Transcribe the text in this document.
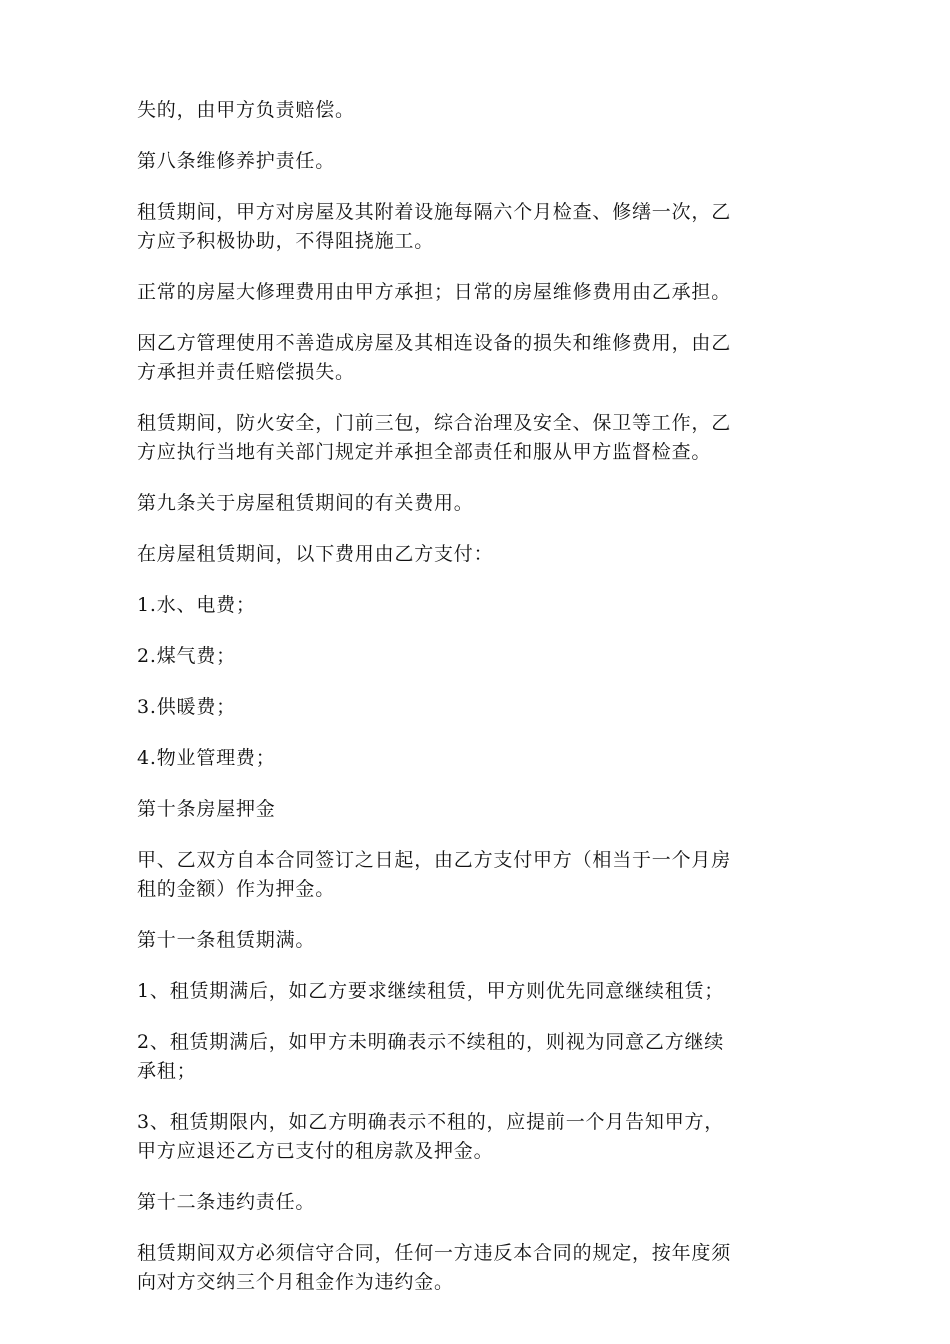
失的，由甲方负责赔偿。

第八条维修养护责任。

租赁期间，甲方对房屋及其附着设施每隔六个月检查、修缮一次，乙
方应予积极协助，不得阻挠施工。

正常的房屋大修理费用由甲方承担；日常的房屋维修费用由乙承担。

因乙方管理使用不善造成房屋及其相连设备的损失和维修费用，由乙
方承担并责任赔偿损失。

租赁期间，防火安全，门前三包，综合治理及安全、保卫等工作，乙
方应执行当地有关部门规定并承担全部责任和服从甲方监督检查。

第九条关于房屋租赁期间的有关费用。

在房屋租赁期间，以下费用由乙方支付：

1.水、电费；

2.煤气费；

3.供暖费；

4.物业管理费；

第十条房屋押金

甲、乙双方自本合同签订之日起，由乙方支付甲方（相当于一个月房
租的金额）作为押金。

第十一条租赁期满。

1、租赁期满后，如乙方要求继续租赁，甲方则优先同意继续租赁；

2、租赁期满后，如甲方未明确表示不续租的，则视为同意乙方继续
承租；

3、租赁期限内，如乙方明确表示不租的，应提前一个月告知甲方，
甲方应退还乙方已支付的租房款及押金。

第十二条违约责任。

租赁期间双方必须信守合同，任何一方违反本合同的规定，按年度须
向对方交纳三个月租金作为违约金。
